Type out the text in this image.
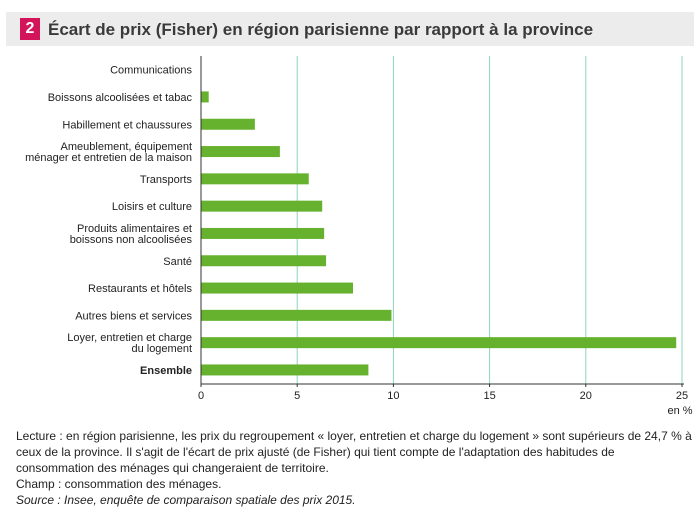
2 Écart de prix (Fisher) en région parisienne par rapport à la province
Communications
Boissons alcoolisées et tabac
Habillement et chaussures
Ameublement, équipement
ménager et entretien de la maison
Transports
Loisirs et culture
Produits alimentaires et
boissons non alcoolisées
Santé
Restaurants et hôtels
Autres biens et services
Loyer, entretien et charge
du logement
Ensemble
0	5	10	15	20	25
en %

Lecture : en région parisienne, les prix du regroupement « loyer, entretien et charge du logement » sont supérieurs de 24,7 % à ceux de la province. Il s'agit de l'écart de prix ajusté (de Fisher) qui tient compte de l'adaptation des habitudes de consommation des ménages qui changeraient de territoire.

Champ : consommation des ménages.

Source : Insee, enquête de comparaison spatiale des prix 2015.
